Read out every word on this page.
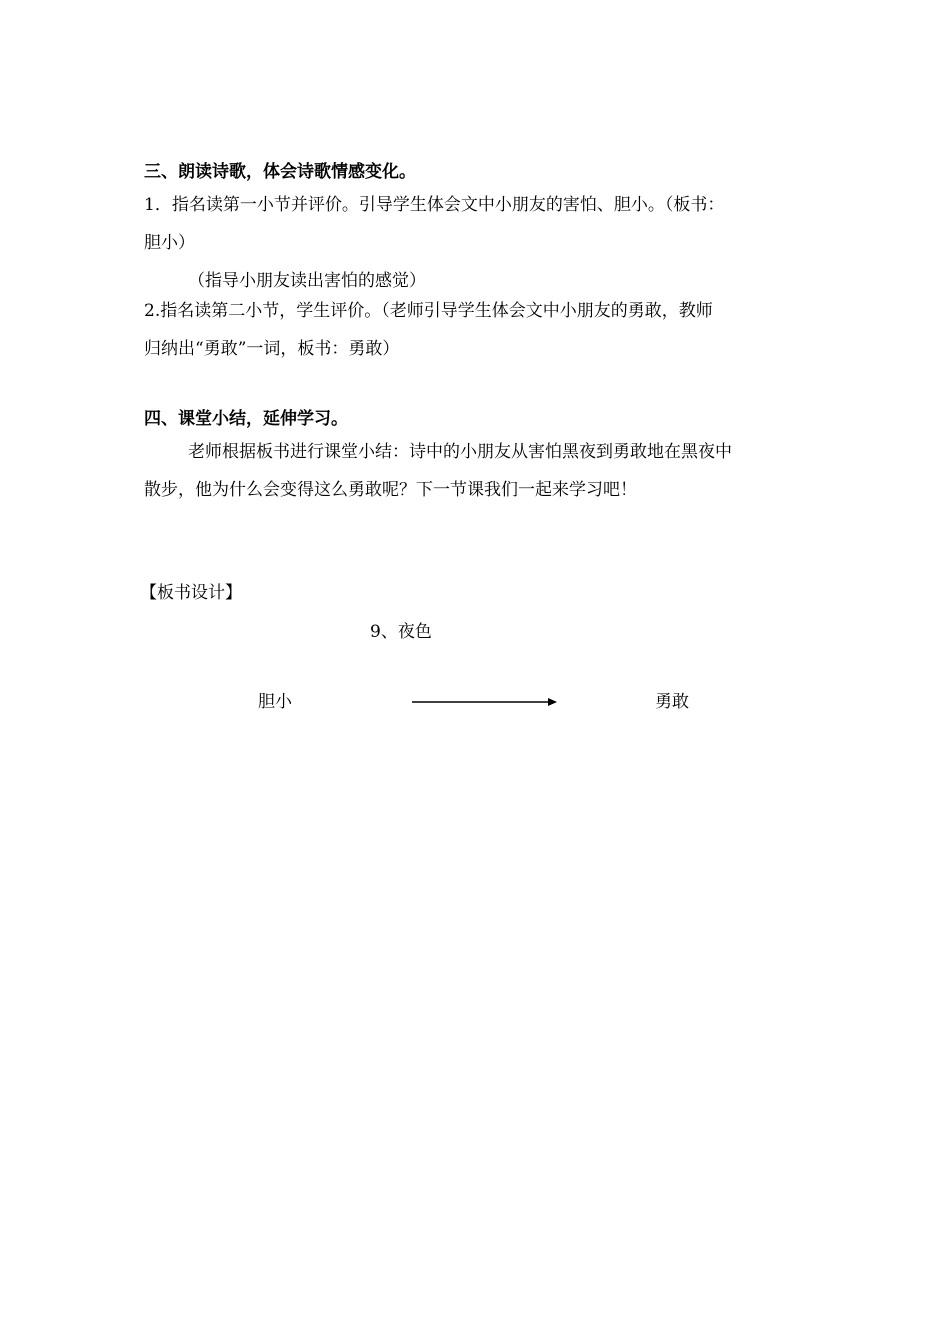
三、朗读诗歌，体会诗歌情感变化。
1．指名读第一小节并评价。引导学生体会文中小朋友的害怕、胆小。（板书：
胆小）
（指导小朋友读出害怕的感觉）
2.指名读第二小节，学生评价。（老师引导学生体会文中小朋友的勇敢，教师
归纳出“勇敢”一词，板书：勇敢）
四、课堂小结，延伸学习。
老师根据板书进行课堂小结：诗中的小朋友从害怕黑夜到勇敢地在黑夜中
散步，他为什么会变得这么勇敢呢？下一节课我们一起来学习吧！
【板书设计】
9、夜色
胆小	勇敢
